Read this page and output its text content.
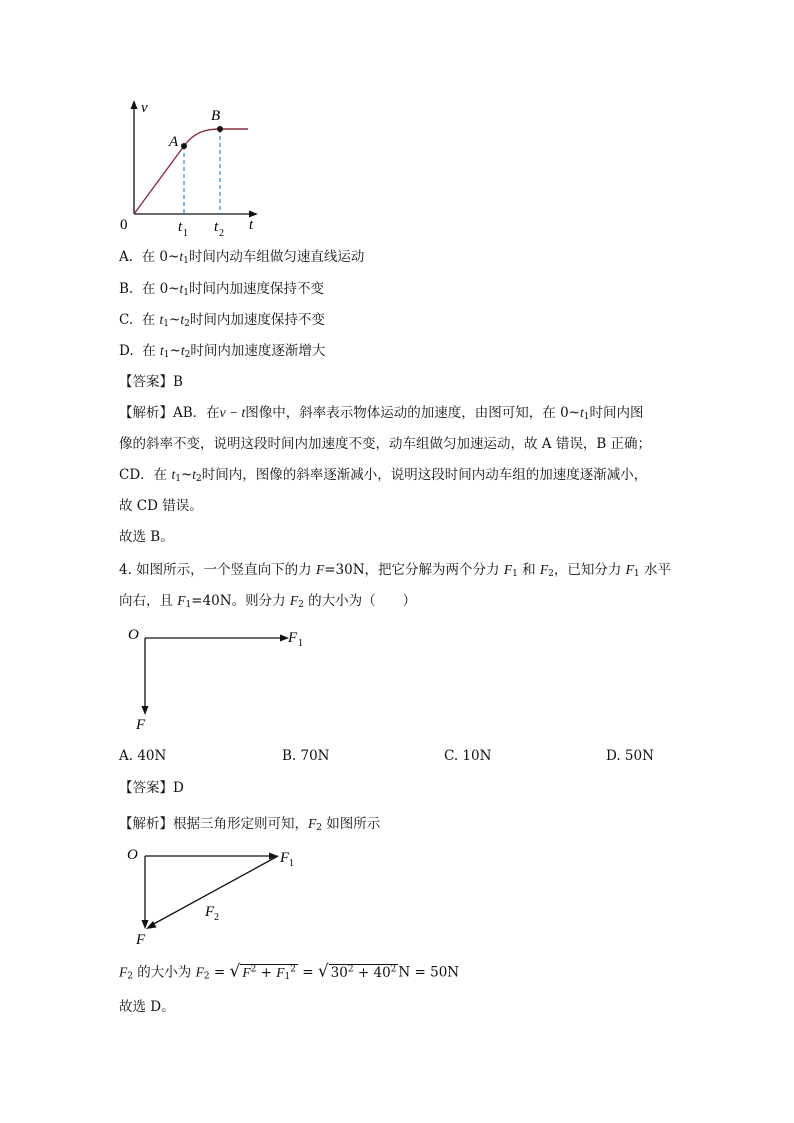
v
A
B
0	t 1 t 2
t
A. 在 $0\sim t_1$时间内动车组做匀速直线运动
B. 在 $0\sim t_1$时间内加速度保持不变
C. 在 $t_1\sim t_2$时间内加速度保持不变
D. 在 $t_1\sim t_2$时间内加速度逐渐增大
【答案】B
【解析】AB．在v − t图像中，斜率表示物体运动的加速度，由图可知，在 $0\sim t_1$时间内图
像的斜率不变，说明这段时间内加速度不变，动车组做匀加速运动，故 A 错误，B 正确；
CD．在 $t_1\sim t_2$时间内，图像的斜率逐渐减小，说明这段时间内动车组的加速度逐渐减小，
故 CD 错误。
故选 B。
4. 如图所示，一个竖直向下的力 F=30N，把它分解为两个分力 $F_1$ 和 $F_2$，已知分力 $F_1$ 水平
向右，且 $F_1=40N$。则分力 $F_2$ 的大小为（　　）
O	F 1
F
A. 40N	B. 70N	C. 10N	D. 50N
【答案】D
【解析】根据三角形定则可知，$F_2$ 如图所示
O	F 1
F 2
F
$F_2$ 的大小为 $F_2$ = √ $F^2 + F_1^2$ = √ $30^2 + 40^2$ N = 50N
故选 D。
